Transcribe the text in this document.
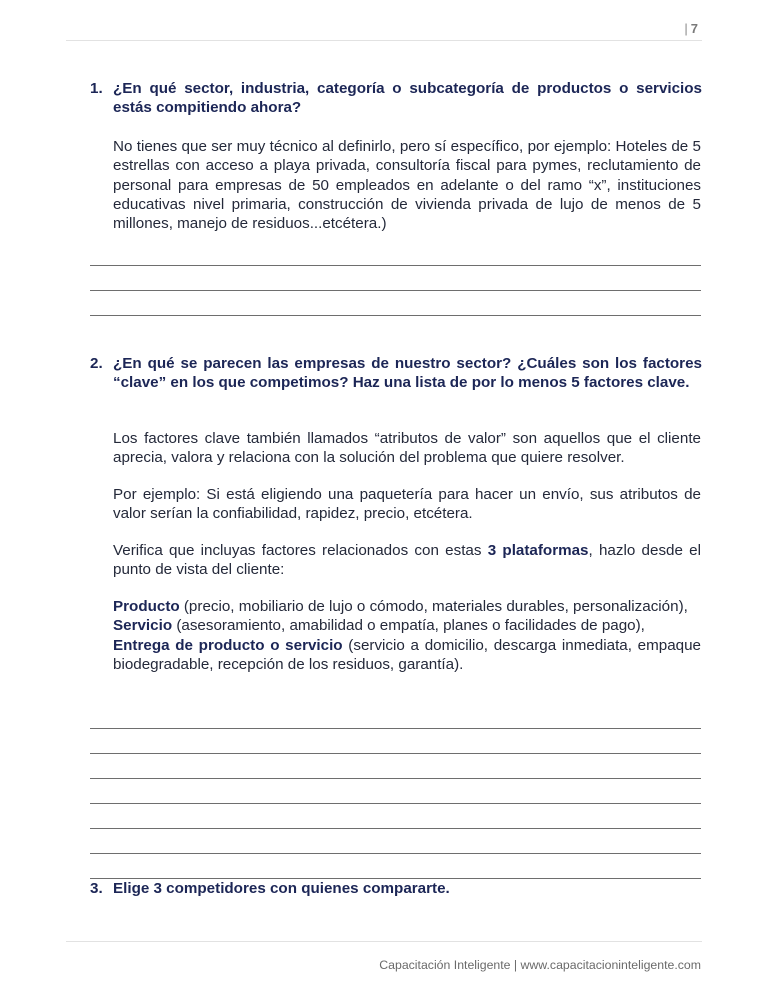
| 7
1. ¿En qué sector, industria, categoría o subcategoría de productos o servicios estás compitiendo ahora?
No tienes que ser muy técnico al definirlo, pero sí específico, por ejemplo: Hoteles de 5 estrellas con acceso a playa privada, consultoría fiscal para pymes, reclutamiento de personal para empresas de 50 empleados en adelante o del ramo “x”, instituciones educativas nivel primaria, construcción de vivienda privada de lujo de menos de 5 millones, manejo de residuos...etcétera.)
2. ¿En qué se parecen las empresas de nuestro sector? ¿Cuáles son los factores “clave” en los que competimos? Haz una lista de por lo menos 5 factores clave.
Los factores clave también llamados “atributos de valor” son aquellos que el cliente aprecia, valora y relaciona con la solución del problema que quiere resolver.
Por ejemplo: Si está eligiendo una paquetería para hacer un envío, sus atributos de valor serían la confiabilidad, rapidez, precio, etcétera.
Verifica que incluyas factores relacionados con estas 3 plataformas, hazlo desde el punto de vista del cliente:
Producto (precio, mobiliario de lujo o cómodo, materiales durables, personalización),
Servicio (asesoramiento, amabilidad o empatía, planes o facilidades de pago),
Entrega de producto o servicio (servicio a domicilio, descarga inmediata, empaque biodegradable, recepción de los residuos, garantía).
3. Elige 3 competidores con quienes compararte.
Capacitación Inteligente | www.capacitacioninteligente.com
